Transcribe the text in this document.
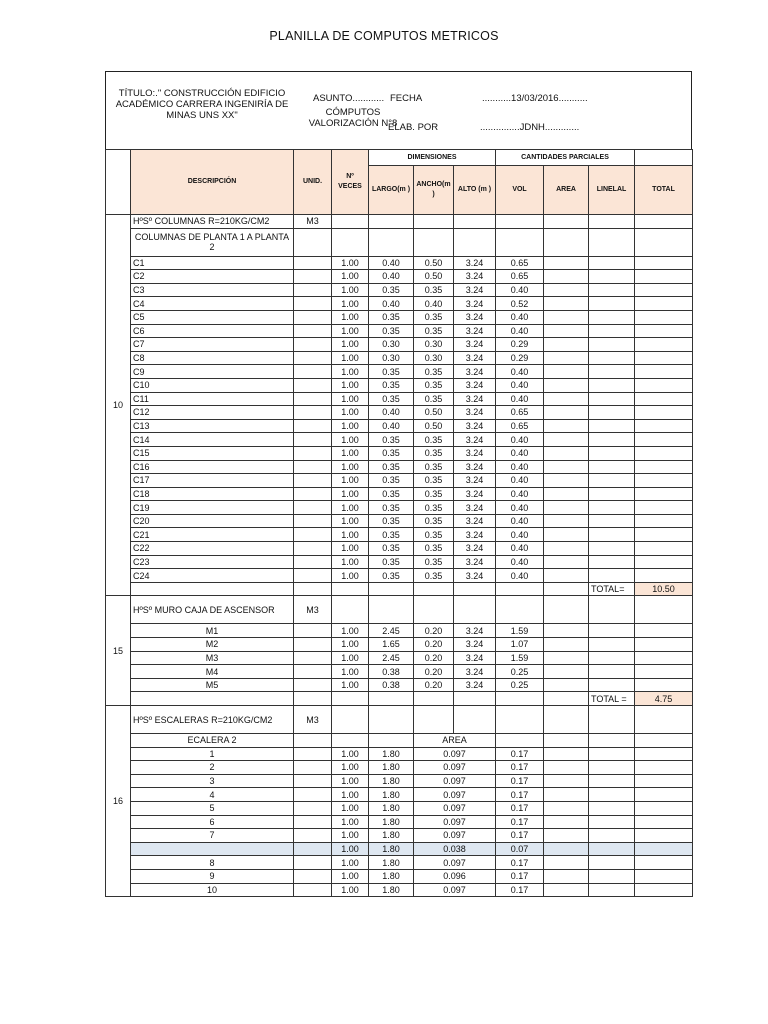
PLANILLA DE COMPUTOS METRICOS
TÍTULO:." CONSTRUCCIÓN EDIFICIO ACADÉMICO CARRERA INGENIRÍA DE MINAS UNS XX"
ASUNTO............ FECHA	...........13/03/2016...........
CÓMPUTOS VALORIZACIÓN N°8
ELAB. POR	...............JDNH.............
	DESCRIPCIÓN	UNID.	Nº VECES	DIMENSIONES			CANTIDADES PARCIALES				
				LARGO(m )	ANCHO(m )	ALTO (m )	VOL	AREA	LINELAL	TOTAL	

10	HºSº COLUMNAS R=210KG/CM2	M3									
	COLUMNAS DE PLANTA 1 A PLANTA 2										
	C1		1.00	0.40	0.50	3.24	0.65				
	C2		1.00	0.40	0.50	3.24	0.65				
	C3		1.00	0.35	0.35	3.24	0.40				
	C4		1.00	0.40	0.40	3.24	0.52				
	C5		1.00	0.35	0.35	3.24	0.40				
	C6		1.00	0.35	0.35	3.24	0.40				
	C7		1.00	0.30	0.30	3.24	0.29				
	C8		1.00	0.30	0.30	3.24	0.29				
	C9		1.00	0.35	0.35	3.24	0.40				
	C10		1.00	0.35	0.35	3.24	0.40				
	C11		1.00	0.35	0.35	3.24	0.40				
	C12		1.00	0.40	0.50	3.24	0.65				
	C13		1.00	0.40	0.50	3.24	0.65				
	C14		1.00	0.35	0.35	3.24	0.40				
	C15		1.00	0.35	0.35	3.24	0.40				
	C16		1.00	0.35	0.35	3.24	0.40				
	C17		1.00	0.35	0.35	3.24	0.40				
	C18		1.00	0.35	0.35	3.24	0.40				
	C19		1.00	0.35	0.35	3.24	0.40				
	C20		1.00	0.35	0.35	3.24	0.40				
	C21		1.00	0.35	0.35	3.24	0.40				
	C22		1.00	0.35	0.35	3.24	0.40				
	C23		1.00	0.35	0.35	3.24	0.40				
	C24		1.00	0.35	0.35	3.24	0.40				
									TOTAL=	10.50	
15	HºSº MURO CAJA DE ASCENSOR	M3									
	M1		1.00	2.45	0.20	3.24	1.59				
	M2		1.00	1.65	0.20	3.24	1.07				
	M3		1.00	2.45	0.20	3.24	1.59				
	M4		1.00	0.38	0.20	3.24	0.25				
	M5		1.00	0.38	0.20	3.24	0.25				
									TOTAL =	4.75	
16	HºSº ESCALERAS R=210KG/CM2	M3									
	ECALERA 2				AREA						
	1		1.00	1.80	0.097		0.17				
	2		1.00	1.80	0.097		0.17				
	3		1.00	1.80	0.097		0.17				
	4		1.00	1.80	0.097		0.17				
	5		1.00	1.80	0.097		0.17				
	6		1.00	1.80	0.097		0.17				
	7		1.00	1.80	0.097		0.17				
			1.00	1.80	0.038		0.07				
	8		1.00	1.80	0.097		0.17				
	9		1.00	1.80	0.096		0.17				
	10		1.00	1.80	0.097		0.17				
